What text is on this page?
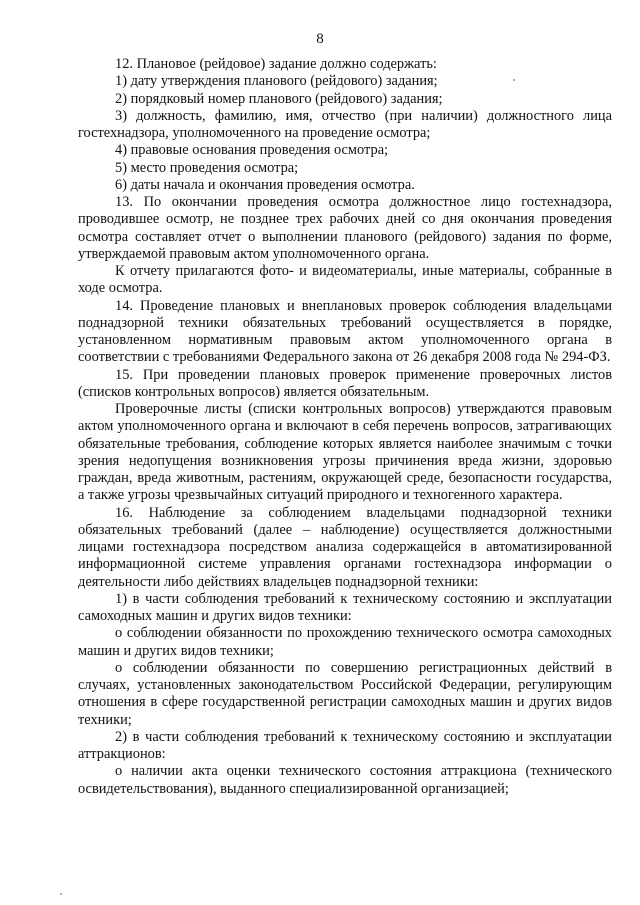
8

12. Плановое (рейдовое) задание должно содержать:

1) дату утверждения планового (рейдового) задания;

2) порядковый номер планового (рейдового) задания;

3) должность, фамилию, имя, отчество (при наличии) должностного лица гостехнадзора, уполномоченного на проведение осмотра;

4) правовые основания проведения осмотра;

5) место проведения осмотра;

6) даты начала и окончания проведения осмотра.

13. По окончании проведения осмотра должностное лицо гостехнадзора, проводившее осмотр, не позднее трех рабочих дней со дня окончания проведения осмотра составляет отчет о выполнении планового (рейдового) задания по форме, утверждаемой правовым актом уполномоченного органа.

К отчету прилагаются фото- и видеоматериалы, иные материалы, собранные в ходе осмотра.

14. Проведение плановых и внеплановых проверок соблюдения владельцами поднадзорной техники обязательных требований осуществляется в порядке, установленном нормативным правовым актом уполномоченного органа в соответствии с требованиями Федерального закона от 26 декабря 2008 года № 294-ФЗ.

15. При проведении плановых проверок применение проверочных листов (списков контрольных вопросов) является обязательным.

Проверочные листы (списки контрольных вопросов) утверждаются правовым актом уполномоченного органа и включают в себя перечень вопросов, затрагивающих обязательные требования, соблюдение которых является наиболее значимым с точки зрения недопущения возникновения угрозы причинения вреда жизни, здоровью граждан, вреда животным, растениям, окружающей среде, безопасности государства, а также угрозы чрезвычайных ситуаций природного и техногенного характера.

16. Наблюдение за соблюдением владельцами поднадзорной техники обязательных требований (далее – наблюдение) осуществляется должностными лицами гостехнадзора посредством анализа содержащейся в автоматизированной информационной системе управления органами гостехнадзора информации о деятельности либо действиях владельцев поднадзорной техники:

1) в части соблюдения требований к техническому состоянию и эксплуатации самоходных машин и других видов техники:

о соблюдении обязанности по прохождению технического осмотра самоходных машин и других видов техники;

о соблюдении обязанности по совершению регистрационных действий в случаях, установленных законодательством Российской Федерации, регулирующим отношения в сфере государственной регистрации самоходных машин и других видов техники;

2) в части соблюдения требований к техническому состоянию и эксплуатации аттракционов:

о наличии акта оценки технического состояния аттракциона (технического освидетельствования), выданного специализированной организацией;
